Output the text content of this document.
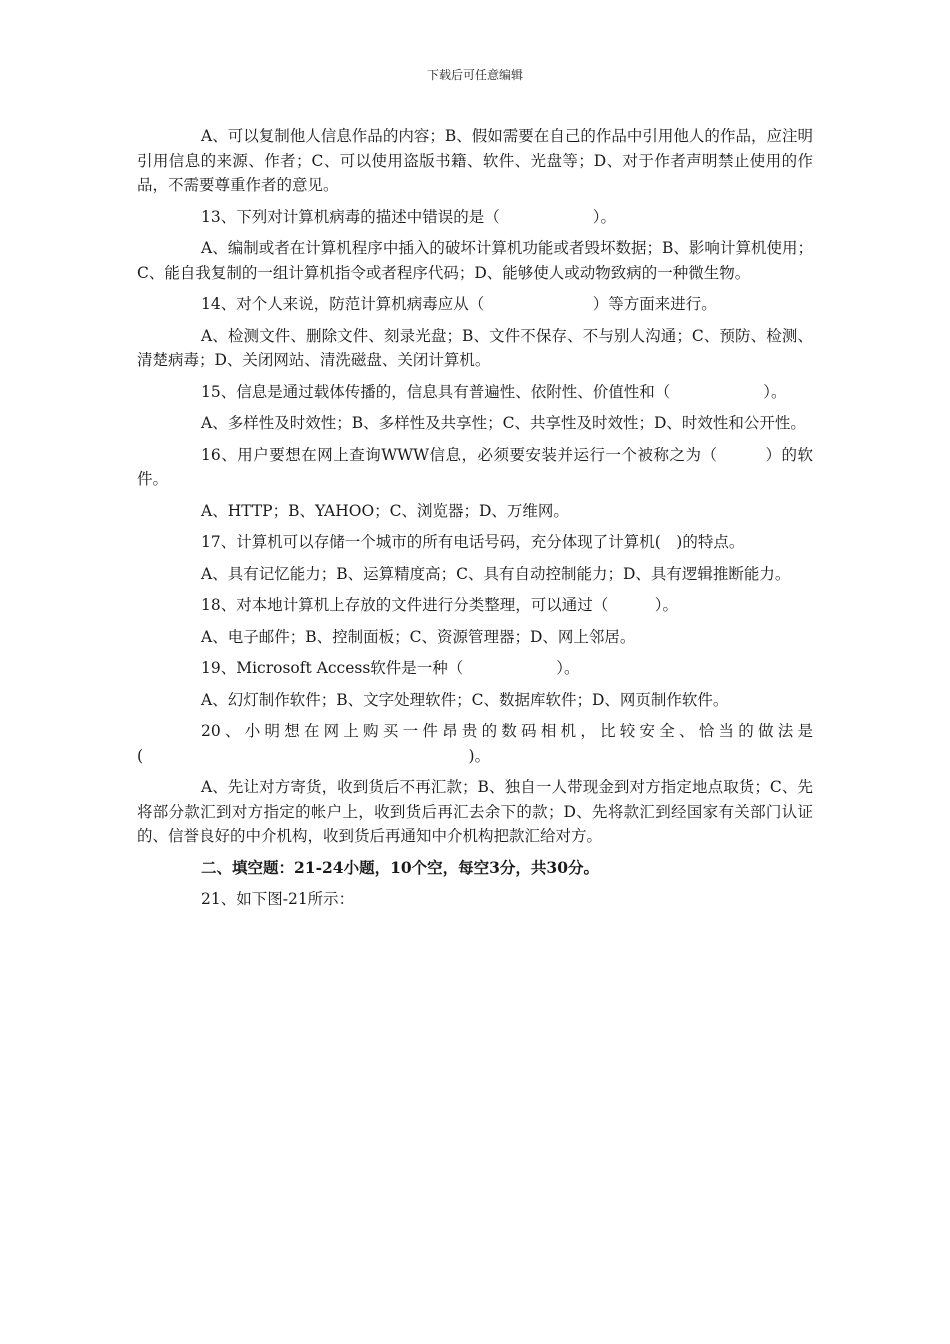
下载后可任意编辑

A、可以复制他人信息作品的内容；B、假如需要在自己的作品中引用他人的作品，应注明引用信息的来源、作者；C、可以使用盗版书籍、软件、光盘等；D、对于作者声明禁止使用的作品，不需要尊重作者的意见。

13、下列对计算机病毒的描述中错误的是（　　　　　　）。

A、编制或者在计算机程序中插入的破坏计算机功能或者毁坏数据；B、影响计算机使用；C、能自我复制的一组计算机指令或者程序代码；D、能够使人或动物致病的一种微生物。

14、对个人来说，防范计算机病毒应从（　　　　　　　）等方面来进行。

A、检测文件、删除文件、刻录光盘；B、文件不保存、不与别人沟通；C、预防、检测、清楚病毒；D、关闭网站、清洗磁盘、关闭计算机。

15、信息是通过载体传播的，信息具有普遍性、依附性、价值性和（　　　　　　）。

A、多样性及时效性；B、多样性及共享性；C、共享性及时效性；D、时效性和公开性。

16、用户要想在网上查询WWW信息，必须要安装并运行一个被称之为（　　　）的软件。

A、HTTP；B、YAHOO；C、浏览器；D、万维网。

17、计算机可以存储一个城市的所有电话号码，充分体现了计算机(　)的特点。

A、具有记忆能力；B、运算精度高；C、具有自动控制能力；D、具有逻辑推断能力。

18、对本地计算机上存放的文件进行分类整理，可以通过（　　　）。

A、电子邮件；B、控制面板；C、资源管理器；D、网上邻居。

19、Microsoft Access软件是一种（　　　　　　）。

A、幻灯制作软件；B、文字处理软件；C、数据库软件；D、网页制作软件。

20、小明想在网上购买一件昂贵的数码相机，比较安全、恰当的做法是(　　　　　　　　　　　　　　　　　　　　　)。

A、先让对方寄货，收到货后不再汇款；B、独自一人带现金到对方指定地点取货；C、先将部分款汇到对方指定的帐户上，收到货后再汇去余下的款；D、先将款汇到经国家有关部门认证的、信誉良好的中介机构，收到货后再通知中介机构把款汇给对方。

二、填空题：21-24小题，10个空，每空3分，共30分。

21、如下图-21所示：
